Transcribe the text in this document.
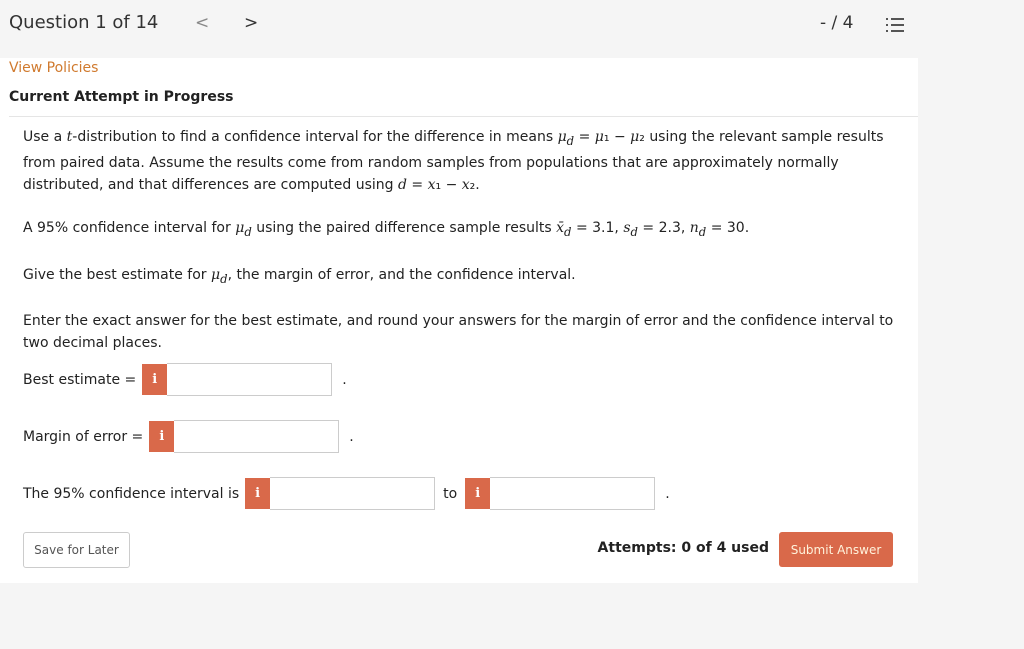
Question 1 of 14 < >	- / 4
View Policies
Current Attempt in Progress

Use a t-distribution to find a confidence interval for the difference in means $\mu_d = \mu_1 - \mu_2$ using the relevant sample results from paired data. Assume the results come from random samples from populations that are approximately normally distributed, and that differences are computed using d = x₁ − x₂.

A 95% confidence interval for $\mu_d$ using the paired difference sample results $x̄_d = 3.1$, $s_d = 2.3$, $n_d = 30$.

Give the best estimate for $\mu_d$, the margin of error, and the confidence interval.

Enter the exact answer for the best estimate, and round your answers for the margin of error and the confidence interval to two decimal places.

Best estimate =	i	.
Margin of error =	i	.
The 95% confidence interval is	i	to	i	.
Save for Later	Attempts: 0 of 4 used	Submit Answer
